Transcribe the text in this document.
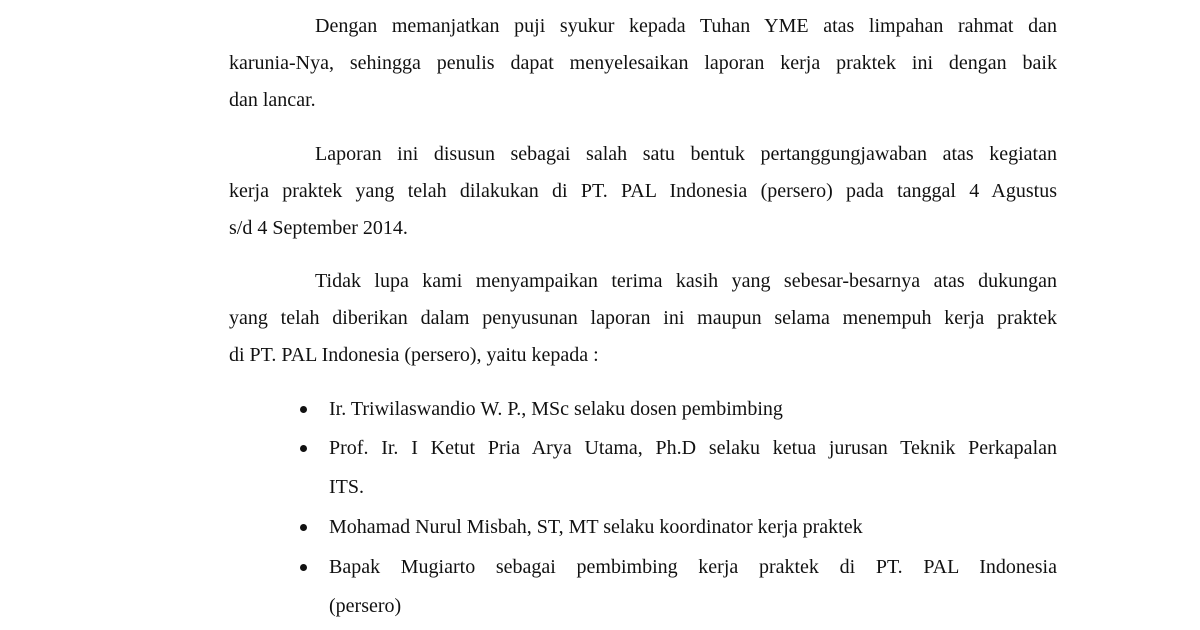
Dengan memanjatkan puji syukur kepada Tuhan YME atas limpahan rahmat dan
karunia-Nya, sehingga penulis dapat menyelesaikan laporan kerja praktek ini dengan baik
dan lancar.

Laporan ini disusun sebagai salah satu bentuk pertanggungjawaban atas kegiatan
kerja praktek yang telah dilakukan di PT. PAL Indonesia (persero) pada tanggal 4 Agustus
s/d 4 September 2014.

Tidak lupa kami menyampaikan terima kasih yang sebesar-besarnya atas dukungan
yang telah diberikan dalam penyusunan laporan ini maupun selama menempuh kerja praktek
di PT. PAL Indonesia (persero), yaitu kepada :

Ir. Triwilaswandio W. P., MSc selaku dosen pembimbing
Prof. Ir. I Ketut Pria Arya Utama, Ph.D selaku ketua jurusan Teknik Perkapalan
ITS.
Mohamad Nurul Misbah, ST, MT selaku koordinator kerja praktek
Bapak Mugiarto sebagai pembimbing kerja praktek di PT. PAL Indonesia
(persero)
